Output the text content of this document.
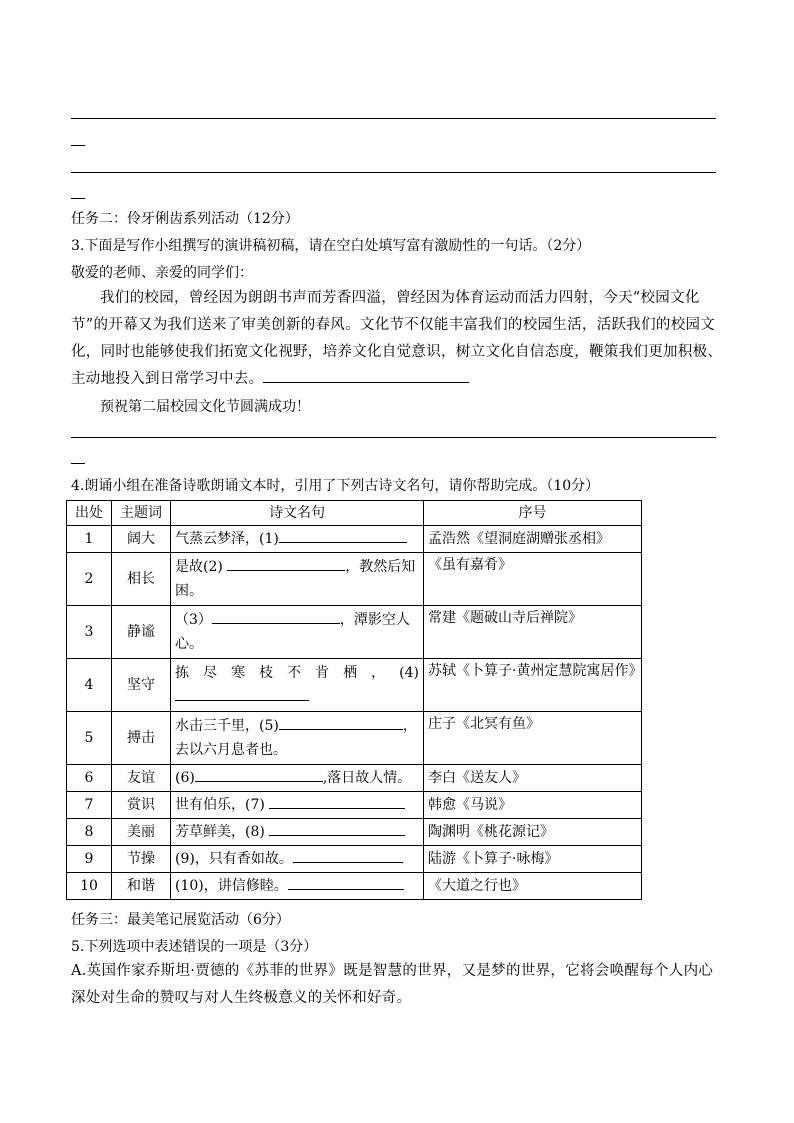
任务二：伶牙俐齿系列活动（12分）
3.下面是写作小组撰写的演讲稿初稿，请在空白处填写富有激励性的一句话。（2分）
敬爱的老师、亲爱的同学们：
我们的校园，曾经因为朗朗书声而芳香四溢，曾经因为体育运动而活力四射，今天“校园文化节”的开幕又为我们送来了审美创新的春风。文化节不仅能丰富我们的校园生活，活跃我们的校园文化，同时也能够使我们拓宽文化视野，培养文化自觉意识，树立文化自信态度，鞭策我们更加积极、主动地投入到日常学习中去。
预祝第二届校园文化节圆满成功！
4.朗诵小组在准备诗歌朗诵文本时，引用了下列古诗文名句，请你帮助完成。（10分）
出处	主题词	诗文名句	序号
1	阔大	气蒸云梦泽，(1)	孟浩然《望洞庭湖赠张丞相》
2	相长	是故(2) ，教然后知困。	《虽有嘉肴》
3	静谧	（3） ，潭影空人心。	常建《题破山寺后禅院》
4	坚守	拣尽寒枝不肯栖，(4)	苏轼《卜算子·黄州定慧院寓居作》
5	搏击	水击三千里，(5) ，去以六月息者也。	庄子《北冥有鱼》
6	友谊	(6) ,落日故人情。	李白《送友人》
7	赏识	世有伯乐，(7)	韩愈《马说》
8	美丽	芳草鲜美，(8)	陶渊明《桃花源记》
9	节操	(9)，只有香如故。	陆游《卜算子·咏梅》
10	和谐	(10)，讲信修睦。	《大道之行也》
任务三：最美笔记展览活动（6分）
5.下列选项中表述错误的一项是（3分）
A.英国作家乔斯坦·贾德的《苏菲的世界》既是智慧的世界，又是梦的世界，它将会唤醒每个人内心深处对生命的赞叹与对人生终极意义的关怀和好奇。
